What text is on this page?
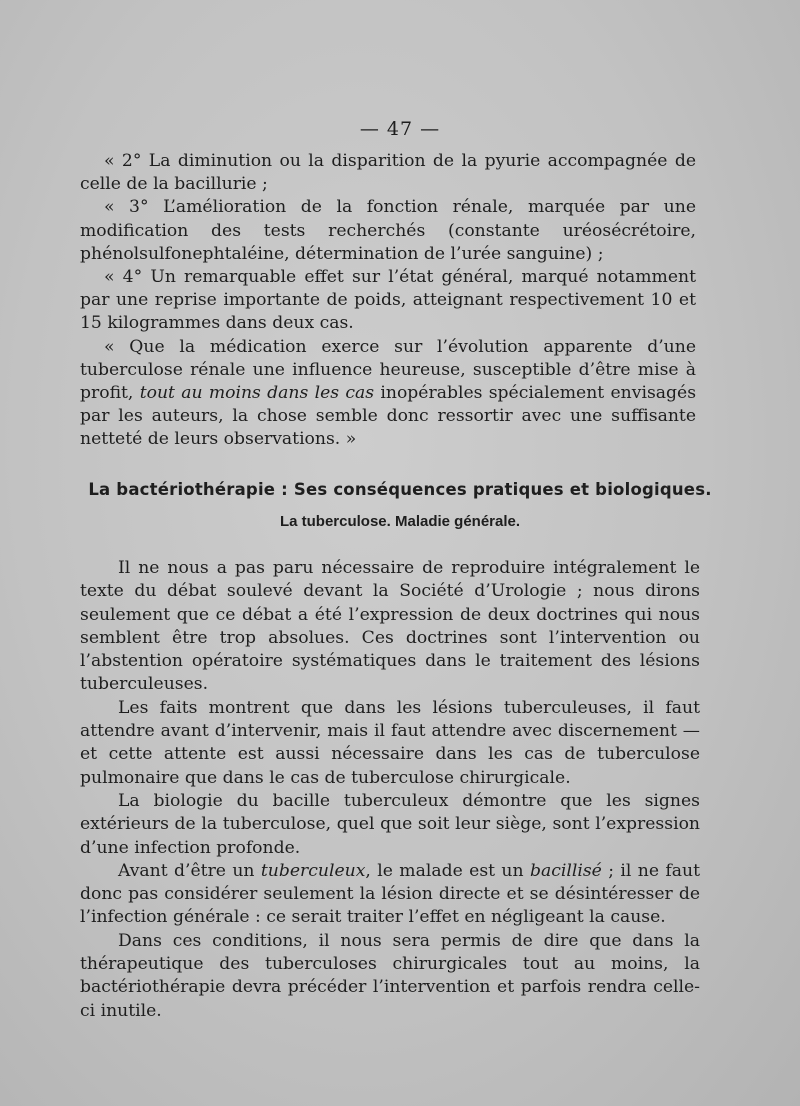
— 47 —

« 2° La diminution ou la disparition de la pyurie accompagnée de celle de la bacillurie ;

« 3° L’amélioration de la fonction rénale, marquée par une modification des tests recherchés (constante uréosécrétoire, phénolsulfonephtaléine, détermination de l’urée sanguine) ;

« 4° Un remarquable effet sur l’état général, marqué notamment par une reprise importante de poids, atteignant respectivement 10 et 15 kilogrammes dans deux cas.

« Que la médication exerce sur l’évolution apparente d’une tuberculose rénale une influence heureuse, susceptible d’être mise à profit, tout au moins dans les cas inopérables spécialement envisagés par les auteurs, la chose semble donc ressortir avec une suffisante netteté de leurs observations. »

La bactériothérapie : Ses conséquences pratiques et biologiques.
La tuberculose. Maladie générale.

Il ne nous a pas paru nécessaire de reproduire intégralement le texte du débat soulevé devant la Société d’Urologie ; nous dirons seulement que ce débat a été l’expression de deux doctrines qui nous semblent être trop absolues. Ces doctrines sont l’intervention ou l’abstention opératoire systématiques dans le traitement des lésions tuberculeuses.

Les faits montrent que dans les lésions tuberculeuses, il faut attendre avant d’intervenir, mais il faut attendre avec discernement — et cette attente est aussi nécessaire dans les cas de tuberculose pulmonaire que dans le cas de tuberculose chirurgicale.

La biologie du bacille tuberculeux démontre que les signes extérieurs de la tuberculose, quel que soit leur siège, sont l’expression d’une infection profonde.

Avant d’être un tuberculeux, le malade est un bacillisé ; il ne faut donc pas considérer seulement la lésion directe et se désintéresser de l’infection générale : ce serait traiter l’effet en négligeant la cause.

Dans ces conditions, il nous sera permis de dire que dans la thérapeutique des tuberculoses chirurgicales tout au moins, la bactériothérapie devra précéder l’intervention et parfois rendra celle-ci inutile.
